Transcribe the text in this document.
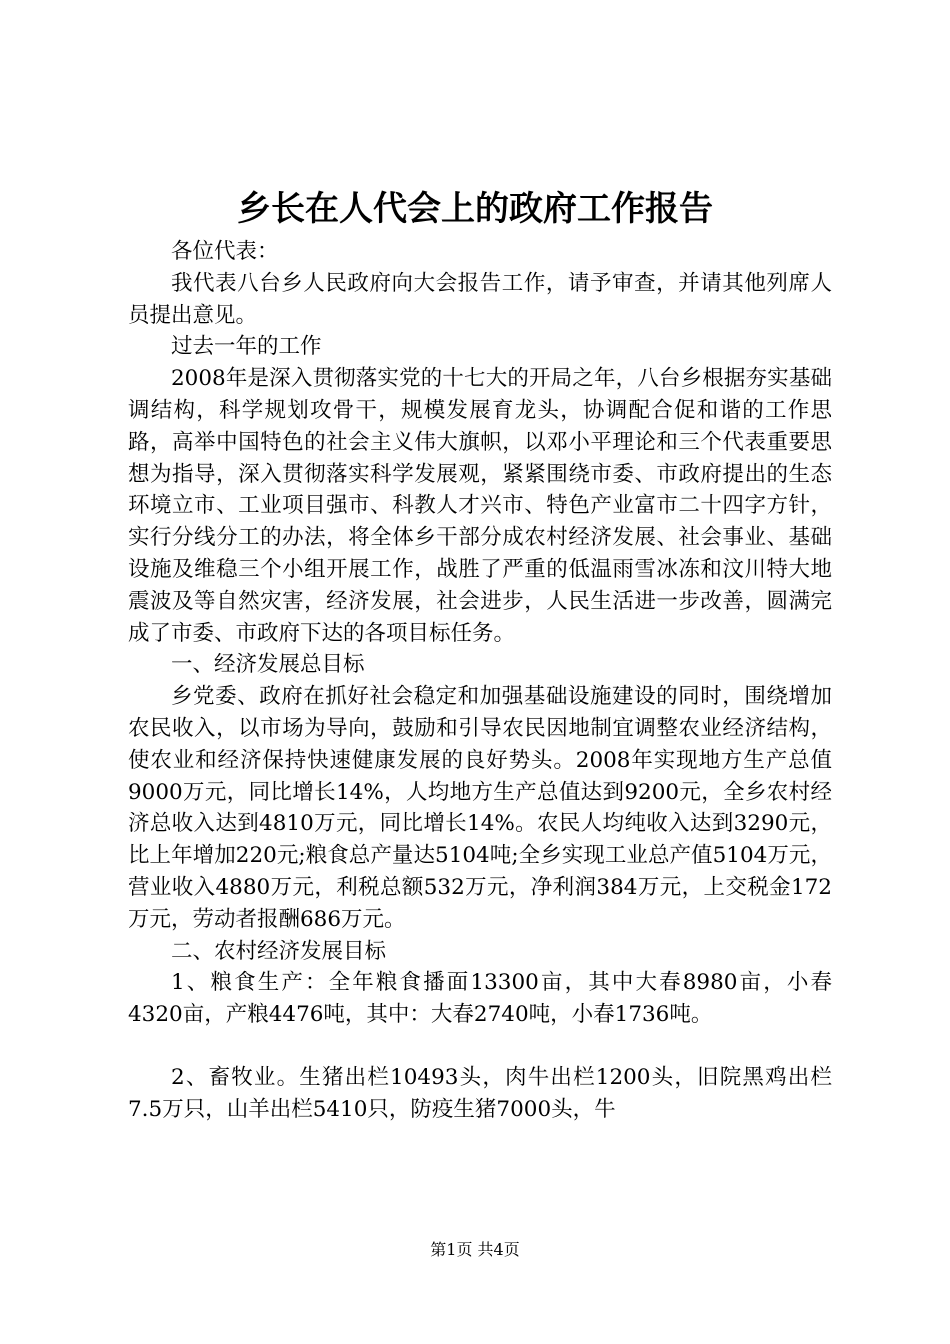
乡长在人代会上的政府工作报告

各位代表：

我代表八台乡人民政府向大会报告工作，请予审查，并请其他列席人员提出意见。

过去一年的工作

2008年是深入贯彻落实党的十七大的开局之年，八台乡根据夯实基础调结构，科学规划攻骨干，规模发展育龙头，协调配合促和谐的工作思路，高举中国特色的社会主义伟大旗帜，以邓小平理论和三个代表重要思想为指导，深入贯彻落实科学发展观，紧紧围绕市委、市政府提出的生态环境立市、工业项目强市、科教人才兴市、特色产业富市二十四字方针，实行分线分工的办法，将全体乡干部分成农村经济发展、社会事业、基础设施及维稳三个小组开展工作，战胜了严重的低温雨雪冰冻和汶川特大地震波及等自然灾害，经济发展，社会进步，人民生活进一步改善，圆满完成了市委、市政府下达的各项目标任务。

一、经济发展总目标

乡党委、政府在抓好社会稳定和加强基础设施建设的同时，围绕增加农民收入，以市场为导向，鼓励和引导农民因地制宜调整农业经济结构，使农业和经济保持快速健康发展的良好势头。2008年实现地方生产总值9000万元，同比增长14%，人均地方生产总值达到9200元，全乡农村经济总收入达到4810万元，同比增长14%。农民人均纯收入达到3290元，比上年增加220元;粮食总产量达5104吨;全乡实现工业总产值5104万元，营业收入4880万元，利税总额532万元，净利润384万元，上交税金172万元，劳动者报酬686万元。

二、农村经济发展目标

1、粮食生产：全年粮食播面13300亩，其中大春8980亩，小春4320亩，产粮4476吨，其中：大春2740吨，小春1736吨。

2、畜牧业。生猪出栏10493头，肉牛出栏1200头，旧院黑鸡出栏7.5万只，山羊出栏5410只，防疫生猪7000头，牛

第1页 共4页
